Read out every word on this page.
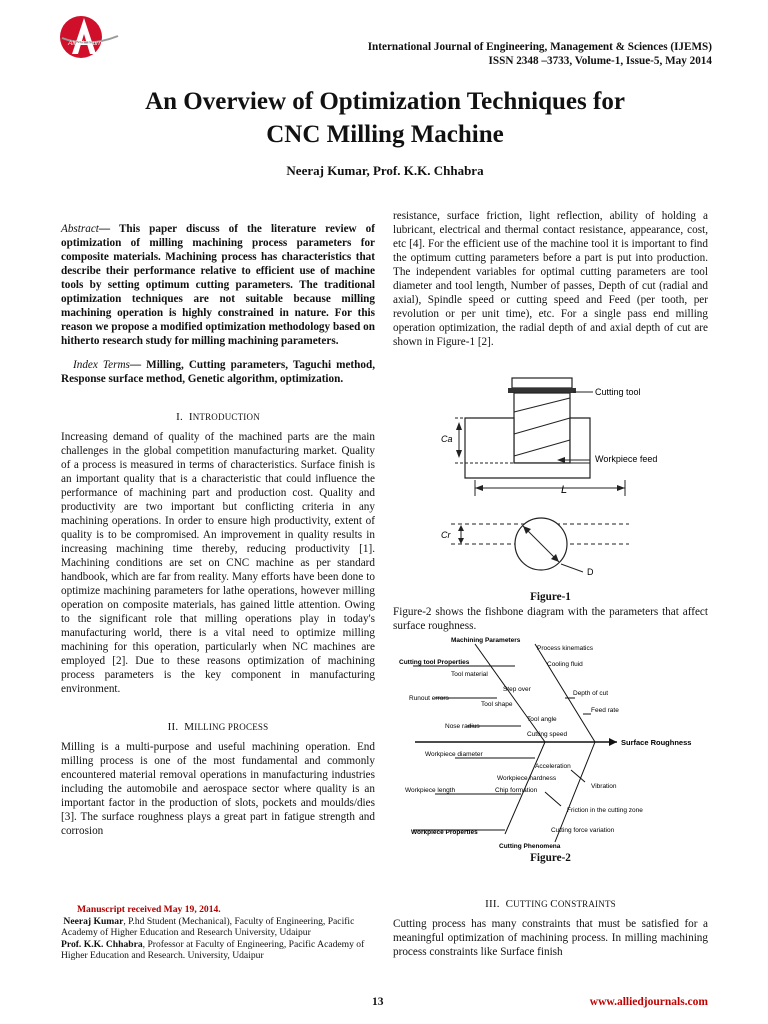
Allied Journals	International Journal of Engineering, Management & Sciences (IJEMS)
ISSN 2348 –3733, Volume-1, Issue-5, May 2014
An Overview of Optimization Techniques for
CNC Milling Machine
Neeraj Kumar, Prof. K.K. Chhabra

Abstract— This paper discuss of the literature review of optimization of milling machining process parameters for composite materials. Machining process has characteristics that describe their performance relative to efficient use of machine tools by setting optimum cutting parameters. The traditional optimization techniques are not suitable because milling machining operation is highly constrained in nature. For this reason we propose a modified optimization methodology based on hitherto research study for milling machining parameters.

Index Terms— Milling, Cutting parameters, Taguchi method, Response surface method, Genetic algorithm, optimization.

I. INTRODUCTION

Increasing demand of quality of the machined parts are the main challenges in the global competition manufacturing market. Quality of a process is measured in terms of characteristics. Surface finish is an important quality that is a characteristic that could influence the performance of machining part and production cost. Quality and productivity are two important but conflicting criteria in any machining operations. In order to ensure high productivity, extent of quality is to be compromised. An improvement in quality results in increasing machining time thereby, reducing productivity [1]. Machining conditions are set on CNC machine as per standard handbook, which are far from reality. Many efforts have been done to optimize machining parameters for lathe operations, however milling operation on composite materials, has gained little attention. Owing to the significant role that milling operations play in today's manufacturing world, there is a vital need to optimize milling machining for this operation, particularly when NC machines are employed [2]. Due to these reasons optimization of machining process parameters is the key component in manufacturing environment.

II. MILLING PROCESS

Milling is a multi-purpose and useful machining operation. End milling process is one of the most fundamental and commonly encountered material removal operations in manufacturing industries including the automobile and aerospace sector where quality is an important factor in the production of slots, pockets and moulds/dies [3]. The surface roughness plays a great part in fatigue strength and corrosion

Manuscript received May 19, 2014.
Neeraj Kumar, P.hd Student (Mechanical), Faculty of Engineering, Pacific Academy of Higher Education and Research University, Udaipur
Prof. K.K. Chhabra, Professor at Faculty of Engineering, Pacific Academy of Higher Education and Research. University, Udaipur
resistance, surface friction, light reflection, ability of holding a lubricant, electrical and thermal contact resistance, appearance, cost, etc [4]. For the efficient use of the machine tool it is important to find the optimum cutting parameters before a part is put into production. The independent variables for optimal cutting parameters are tool diameter and tool length, Number of passes, Depth of cut (radial and axial), Spindle speed or cutting speed and Feed (per tooth, per revolution or per unit time), etc. For a single pass end milling operation optimization, the radial depth of and axial depth of cut are shown in Figure-1 [2].
Ca
Cutting tool
Workpiece feed
L
Cr
D
Figure-1
Figure-2 shows the fishbone diagram with the parameters that affect surface roughness.
Surface Roughness
Machining Parameters
Process kinematics
Cutting tool Properties	Cooling fluid
Tool material
Step over
Depth of cut
Runout errors
Tool shape
Feed rate
Tool angle
Nose radius
Cutting speed
Workpiece diameter
Acceleration
Workpiece hardness
Vibration
Workpiece length	Chip formation
Friction in the cutting zone
Workpiece Properties	Cutting force variation
Cutting Phenomena
Figure-2
III. CUTTING CONSTRAINTS

Cutting process has many constraints that must be satisfied for a meaningful optimization of machining process. In milling machining process constraints like Surface finish

13	www.alliedjournals.com
